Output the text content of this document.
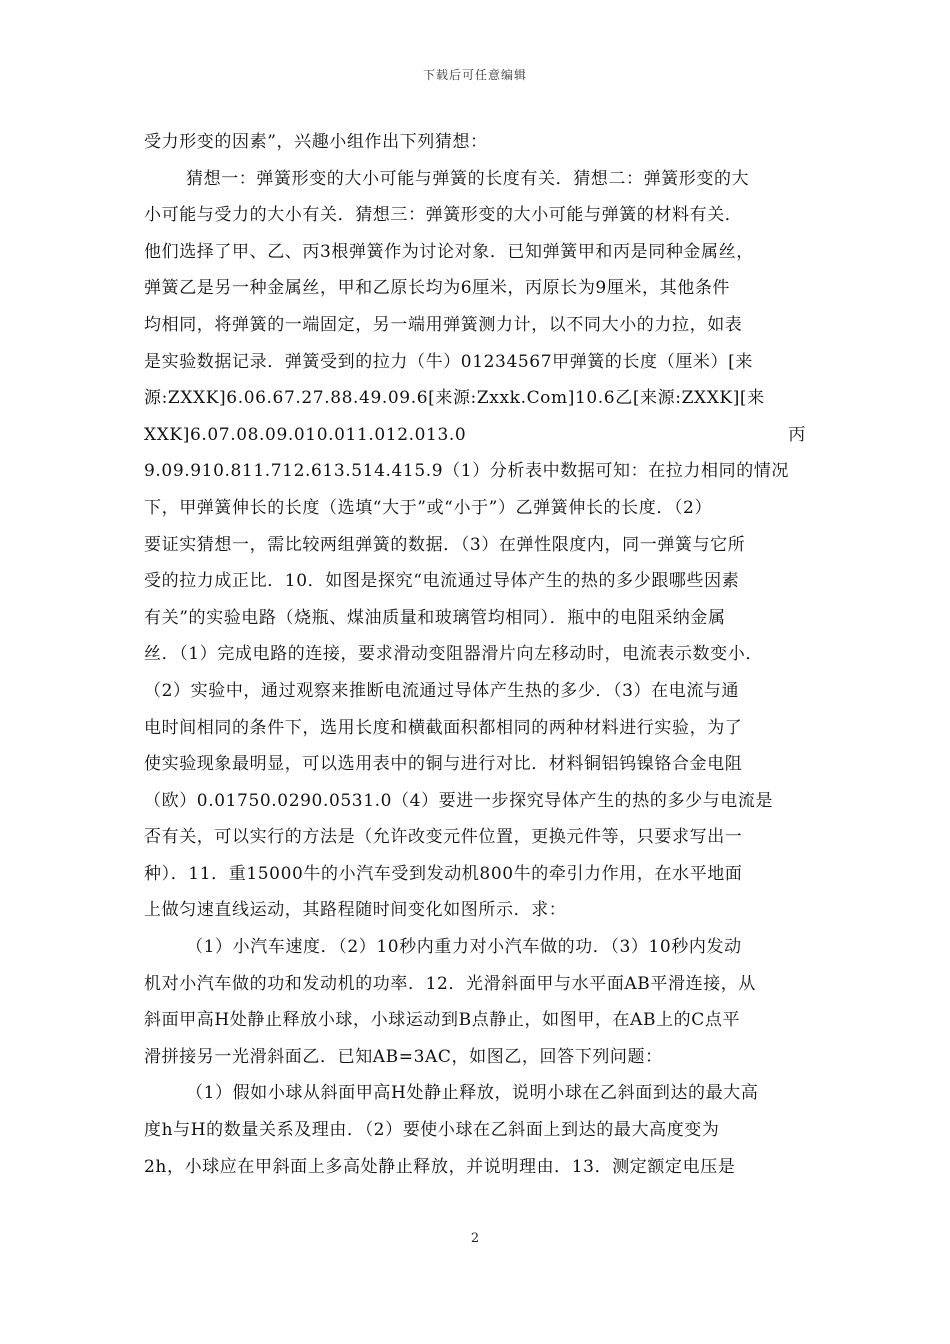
下载后可任意编辑
受力形变的因素”，兴趣小组作出下列猜想：
猜想一：弹簧形变的大小可能与弹簧的长度有关．猜想二：弹簧形变的大
小可能与受力的大小有关．猜想三：弹簧形变的大小可能与弹簧的材料有关．
他们选择了甲、乙、丙3根弹簧作为讨论对象．已知弹簧甲和丙是同种金属丝，
弹簧乙是另一种金属丝，甲和乙原长均为6厘米，丙原长为9厘米，其他条件
均相同，将弹簧的一端固定，另一端用弹簧测力计，以不同大小的力拉，如表
是实验数据记录．弹簧受到的拉力（牛）01234567甲弹簧的长度（厘米）[来
源:ZXXK]6.06.67.27.88.49.09.6[来源:Zxxk.Com]10.6乙[来源:ZXXK][来
XXK]6.07.08.09.010.011.012.013.0	丙
9.09.910.811.712.613.514.415.9（1）分析表中数据可知：在拉力相同的情况
下，甲弹簧伸长的长度（选填“大于”或“小于”）乙弹簧伸长的长度．（2）
要证实猜想一，需比较两组弹簧的数据．（3）在弹性限度内，同一弹簧与它所
受的拉力成正比．10．如图是探究“电流通过导体产生的热的多少跟哪些因素
有关”的实验电路（烧瓶、煤油质量和玻璃管均相同）．瓶中的电阻采纳金属
丝．（1）完成电路的连接，要求滑动变阻器滑片向左移动时，电流表示数变小．
（2）实验中，通过观察来推断电流通过导体产生热的多少．（3）在电流与通
电时间相同的条件下，选用长度和横截面积都相同的两种材料进行实验，为了
使实验现象最明显，可以选用表中的铜与进行对比．材料铜铝钨镍铬合金电阻
（欧）0.01750.0290.0531.0（4）要进一步探究导体产生的热的多少与电流是
否有关，可以实行的方法是（允许改变元件位置，更换元件等，只要求写出一
种）．11．重15000牛的小汽车受到发动机800牛的牵引力作用，在水平地面
上做匀速直线运动，其路程随时间变化如图所示．求：
（1）小汽车速度．（2）10秒内重力对小汽车做的功．（3）10秒内发动
机对小汽车做的功和发动机的功率．12．光滑斜面甲与水平面AB平滑连接，从
斜面甲高H处静止释放小球，小球运动到B点静止，如图甲，在AB上的C点平
滑拼接另一光滑斜面乙．已知AB=3AC，如图乙，回答下列问题：
（1）假如小球从斜面甲高H处静止释放，说明小球在乙斜面到达的最大高
度h与H的数量关系及理由．（2）要使小球在乙斜面上到达的最大高度变为
2h，小球应在甲斜面上多高处静止释放，并说明理由．13．测定额定电压是
2
